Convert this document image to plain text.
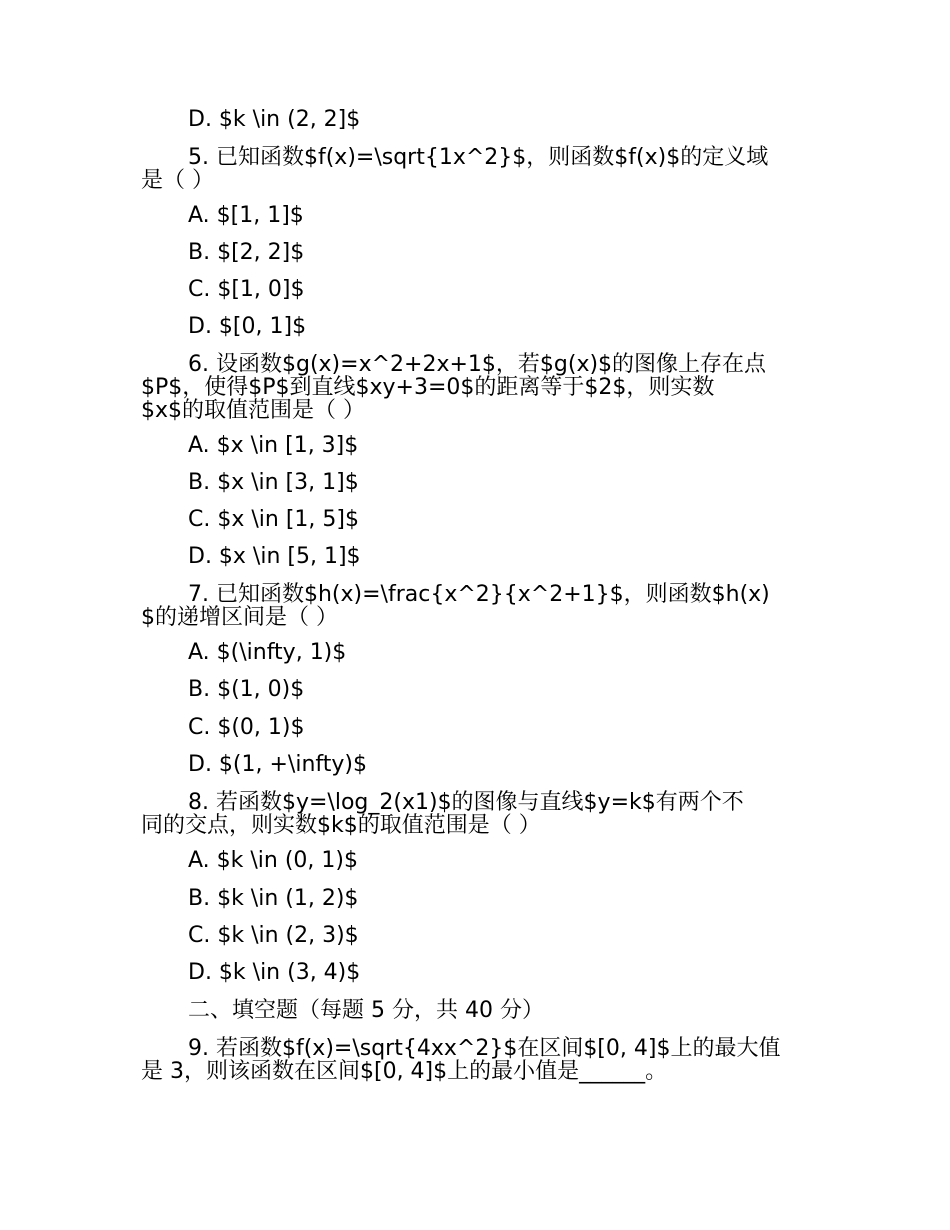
D. $k \in (2, 2]$
5. 已知函数$f(x)=\sqrt{1x^2}$，则函数$f(x)$的定义域
是（ ）
A. $[1, 1]$
B. $[2, 2]$
C. $[1, 0]$
D. $[0, 1]$
6. 设函数$g(x)=x^2+2x+1$，若$g(x)$的图像上存在点
$P$，使得$P$到直线$xy+3=0$的距离等于$2$，则实数
$x$的取值范围是（ ）
A. $x \in [1, 3]$
B. $x \in [3, 1]$
C. $x \in [1, 5]$
D. $x \in [5, 1]$
7. 已知函数$h(x)=\frac{x^2}{x^2+1}$，则函数$h(x)
$的递增区间是（ ）
A. $(\infty, 1)$
B. $(1, 0)$
C. $(0, 1)$
D. $(1, +\infty)$
8. 若函数$y=\log_2(x1)$的图像与直线$y=k$有两个不
同的交点，则实数$k$的取值范围是（ ）
A. $k \in (0, 1)$
B. $k \in (1, 2)$
C. $k \in (2, 3)$
D. $k \in (3, 4)$
二、填空题（每题 5 分，共 40 分）
9. 若函数$f(x)=\sqrt{4xx^2}$在区间$[0, 4]$上的最大值
是 3，则该函数在区间$[0, 4]$上的最小值是______。
